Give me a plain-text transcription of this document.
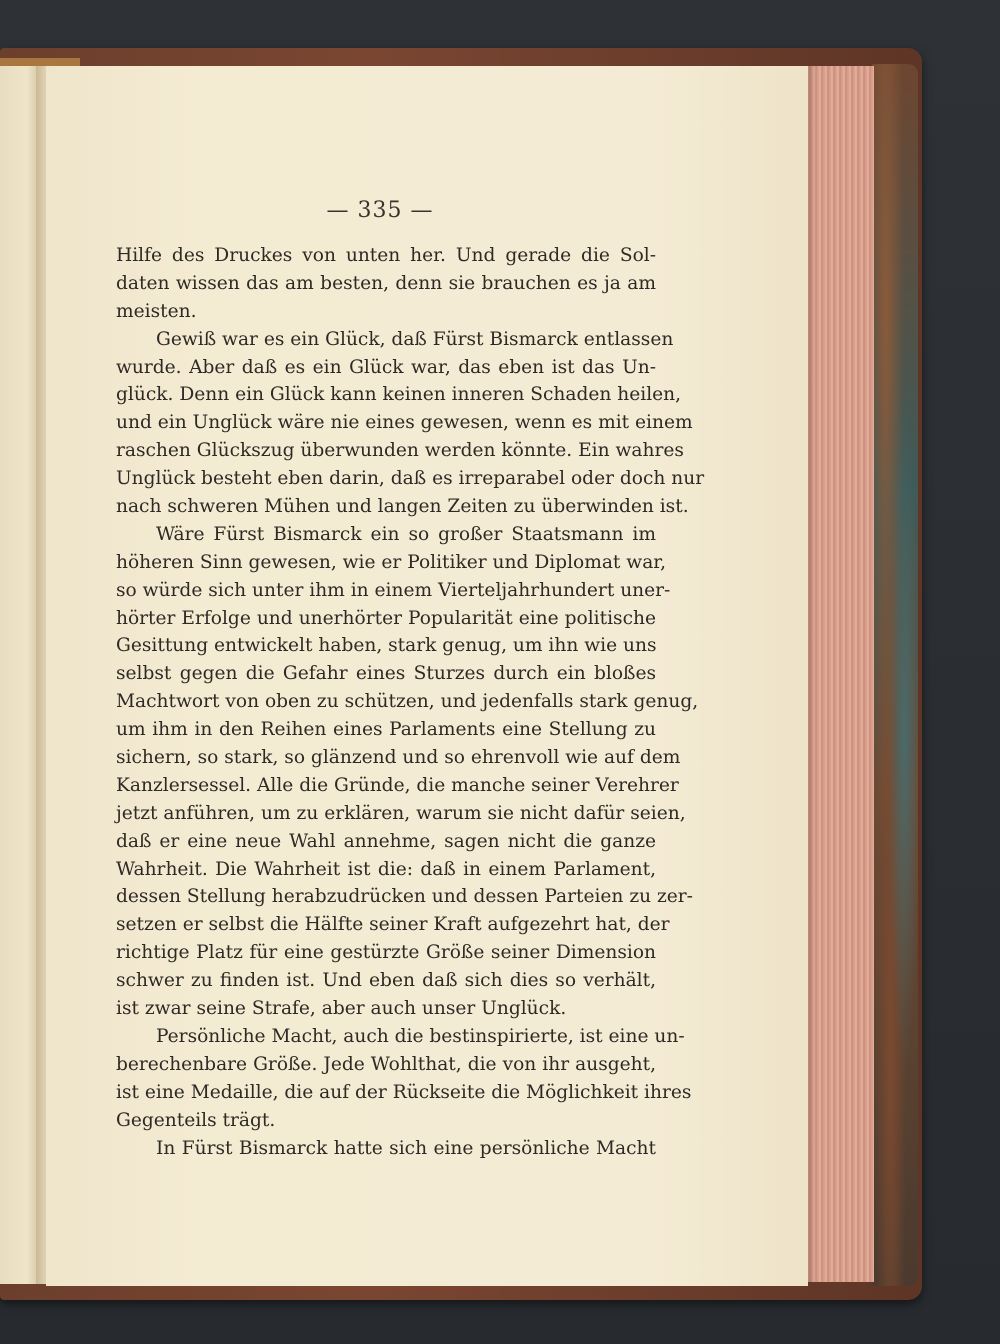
— 335 —
Hilfe des Druckes von unten her. Und gerade die Sol-
daten wissen das am besten, denn sie brauchen es ja am
meisten.
Gewiß war es ein Glück, daß Fürst Bismarck entlassen
wurde. Aber daß es ein Glück war, das eben ist das Un-
glück. Denn ein Glück kann keinen inneren Schaden heilen,
und ein Unglück wäre nie eines gewesen, wenn es mit einem
raschen Glückszug überwunden werden könnte. Ein wahres
Unglück besteht eben darin, daß es irreparabel oder doch nur
nach schweren Mühen und langen Zeiten zu überwinden ist.
Wäre Fürst Bismarck ein so großer Staatsmann im
höheren Sinn gewesen, wie er Politiker und Diplomat war,
so würde sich unter ihm in einem Vierteljahrhundert uner-
hörter Erfolge und unerhörter Popularität eine politische
Gesittung entwickelt haben, stark genug, um ihn wie uns
selbst gegen die Gefahr eines Sturzes durch ein bloßes
Machtwort von oben zu schützen, und jedenfalls stark genug,
um ihm in den Reihen eines Parlaments eine Stellung zu
sichern, so stark, so glänzend und so ehrenvoll wie auf dem
Kanzlersessel. Alle die Gründe, die manche seiner Verehrer
jetzt anführen, um zu erklären, warum sie nicht dafür seien,
daß er eine neue Wahl annehme, sagen nicht die ganze
Wahrheit. Die Wahrheit ist die: daß in einem Parlament,
dessen Stellung herabzudrücken und dessen Parteien zu zer-
setzen er selbst die Hälfte seiner Kraft aufgezehrt hat, der
richtige Platz für eine gestürzte Größe seiner Dimension
schwer zu finden ist. Und eben daß sich dies so verhält,
ist zwar seine Strafe, aber auch unser Unglück.
Persönliche Macht, auch die bestinspirierte, ist eine un-
berechenbare Größe. Jede Wohlthat, die von ihr ausgeht,
ist eine Medaille, die auf der Rückseite die Möglichkeit ihres
Gegenteils trägt.
In Fürst Bismarck hatte sich eine persönliche Macht
